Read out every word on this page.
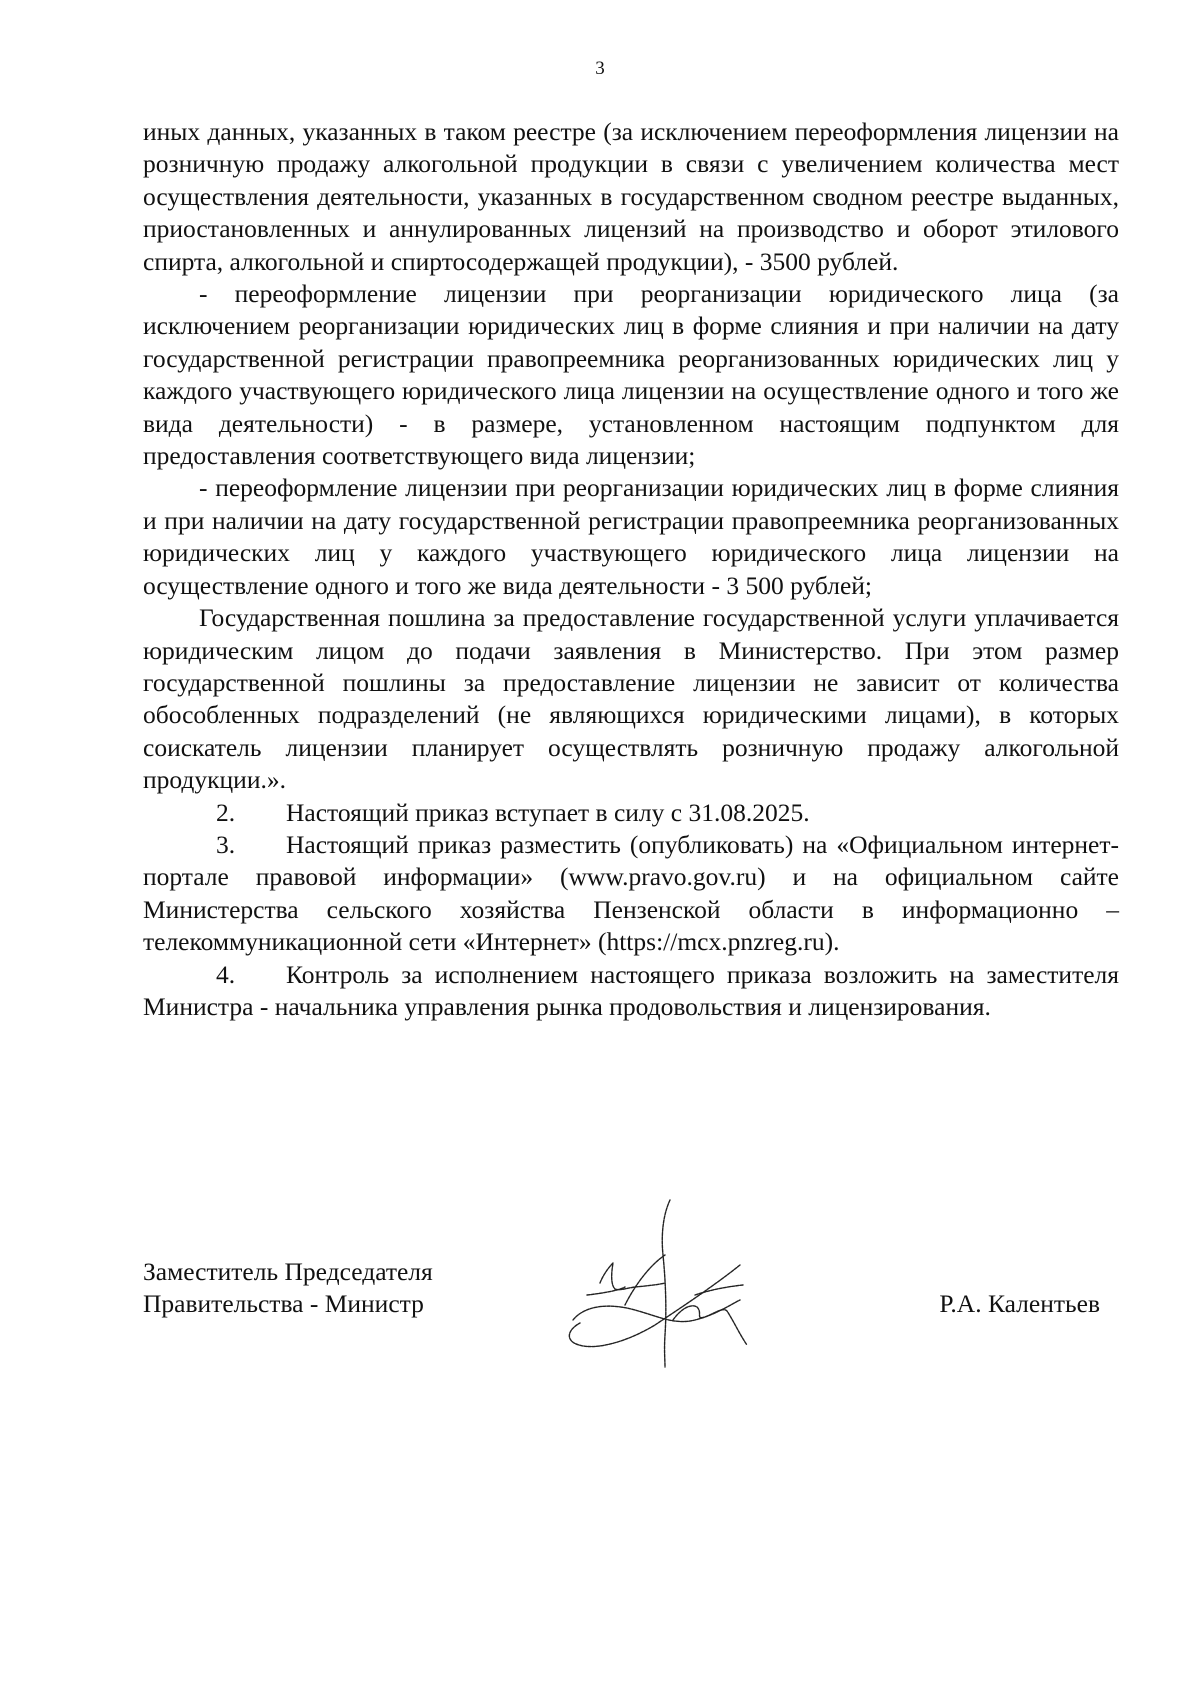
3

иных данных, указанных в таком реестре (за исключением переоформления лицензии на розничную продажу алкогольной продукции в связи с увеличением количества мест осуществления деятельности, указанных в государственном сводном реестре выданных, приостановленных и аннулированных лицензий на производство и оборот этилового спирта, алкогольной и спиртосодержащей продукции), - 3500 рублей.

- переоформление лицензии при реорганизации юридического лица (за исключением реорганизации юридических лиц в форме слияния и при наличии на дату государственной регистрации правопреемника реорганизованных юридических лиц у каждого участвующего юридического лица лицензии на осуществление одного и того же вида деятельности) - в размере, установленном настоящим подпунктом для предоставления соответствующего вида лицензии;

- переоформление лицензии при реорганизации юридических лиц в форме слияния и при наличии на дату государственной регистрации правопреемника реорганизованных юридических лиц у каждого участвующего юридического лица лицензии на осуществление одного и того же вида деятельности - 3 500 рублей;

Государственная пошлина за предоставление государственной услуги уплачивается юридическим лицом до подачи заявления в Министерство. При этом размер государственной пошлины за предоставление лицензии не зависит от количества обособленных подразделений (не являющихся юридическими лицами), в которых соискатель лицензии планирует осуществлять розничную продажу алкогольной продукции.».

2. Настоящий приказ вступает в силу с 31.08.2025.

3. Настоящий приказ разместить (опубликовать) на «Официальном интернет-портале правовой информации» (www.pravo.gov.ru) и на официальном сайте Министерства сельского хозяйства Пензенской области в информационно – телекоммуникационной сети «Интернет» (https://mcx.pnzreg.ru).

4. Контроль за исполнением настоящего приказа возложить на заместителя Министра - начальника управления рынка продовольствия и лицензирования.

Заместитель Председателя
Правительства - Министр	Р.А. Калентьев
